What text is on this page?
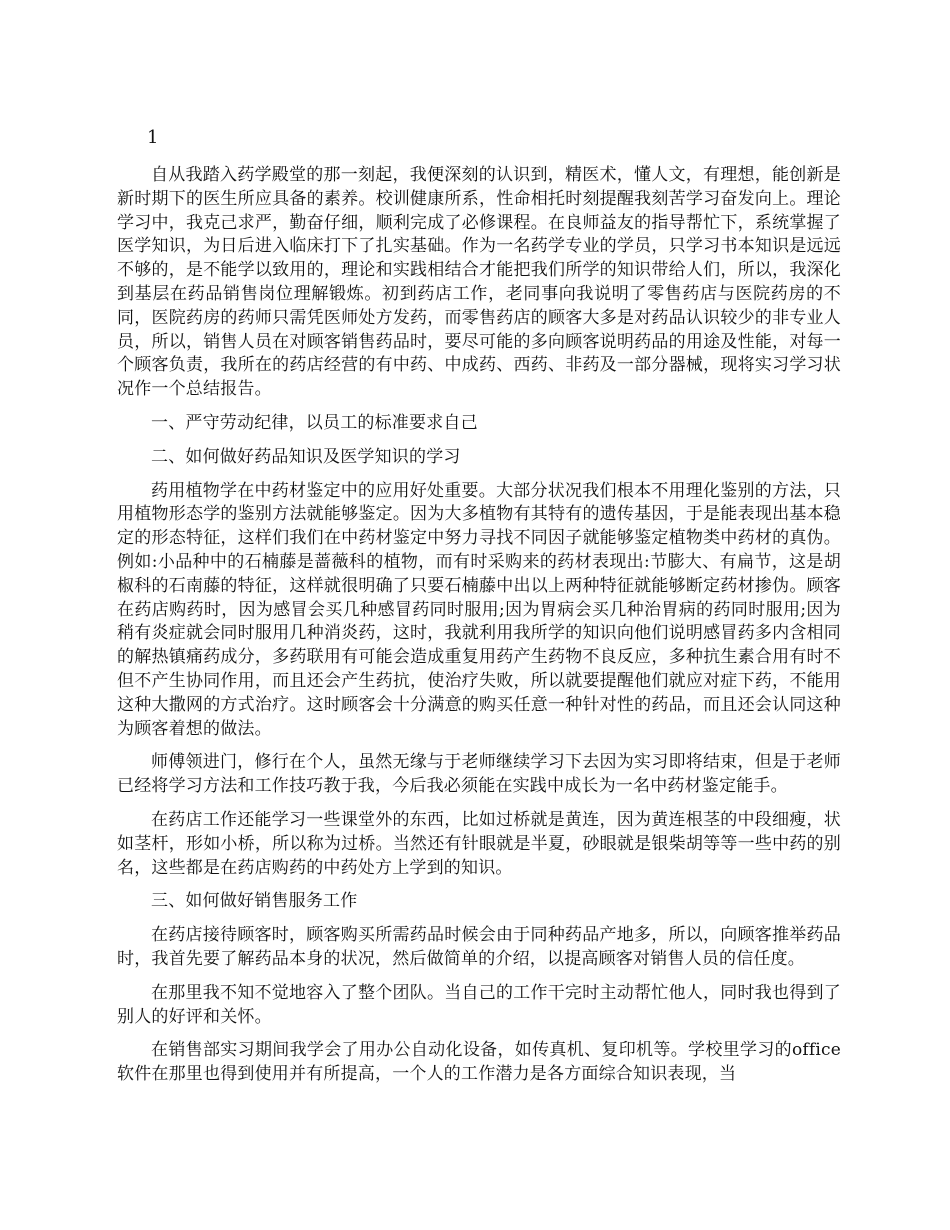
1

自从我踏入药学殿堂的那一刻起，我便深刻的认识到，精医术，懂人文，有理想，能创新是新时期下的医生所应具备的素养。校训健康所系，性命相托时刻提醒我刻苦学习奋发向上。理论学习中，我克己求严，勤奋仔细，顺利完成了必修课程。在良师益友的指导帮忙下，系统掌握了医学知识，为日后进入临床打下了扎实基础。作为一名药学专业的学员，只学习书本知识是远远不够的，是不能学以致用的，理论和实践相结合才能把我们所学的知识带给人们，所以，我深化到基层在药品销售岗位理解锻炼。初到药店工作，老同事向我说明了零售药店与医院药房的不同，医院药房的药师只需凭医师处方发药，而零售药店的顾客大多是对药品认识较少的非专业人员，所以，销售人员在对顾客销售药品时，要尽可能的多向顾客说明药品的用途及性能，对每一个顾客负责，我所在的药店经营的有中药、中成药、西药、非药及一部分器械，现将实习学习状况作一个总结报告。

一、严守劳动纪律，以员工的标准要求自己

二、如何做好药品知识及医学知识的学习

药用植物学在中药材鉴定中的应用好处重要。大部分状况我们根本不用理化鉴别的方法，只用植物形态学的鉴别方法就能够鉴定。因为大多植物有其特有的遗传基因，于是能表现出基本稳定的形态特征，这样们我们在中药材鉴定中努力寻找不同因子就能够鉴定植物类中药材的真伪。例如:小品种中的石楠藤是蔷薇科的植物，而有时采购来的药材表现出:节膨大、有扁节，这是胡椒科的石南藤的特征，这样就很明确了只要石楠藤中出以上两种特征就能够断定药材掺伪。顾客在药店购药时，因为感冒会买几种感冒药同时服用;因为胃病会买几种治胃病的药同时服用;因为稍有炎症就会同时服用几种消炎药，这时，我就利用我所学的知识向他们说明感冒药多内含相同的解热镇痛药成分，多药联用有可能会造成重复用药产生药物不良反应，多种抗生素合用有时不但不产生协同作用，而且还会产生药抗，使治疗失败，所以就要提醒他们就应对症下药，不能用这种大撒网的方式治疗。这时顾客会十分满意的购买任意一种针对性的药品，而且还会认同这种为顾客着想的做法。

师傅领进门，修行在个人，虽然无缘与于老师继续学习下去因为实习即将结束，但是于老师已经将学习方法和工作技巧教于我，今后我必须能在实践中成长为一名中药材鉴定能手。

在药店工作还能学习一些课堂外的东西，比如过桥就是黄连，因为黄连根茎的中段细瘦，状如茎杆，形如小桥，所以称为过桥。当然还有针眼就是半夏，砂眼就是银柴胡等等一些中药的别名，这些都是在药店购药的中药处方上学到的知识。

三、如何做好销售服务工作

在药店接待顾客时，顾客购买所需药品时候会由于同种药品产地多，所以，向顾客推举药品时，我首先要了解药品本身的状况，然后做简单的介绍，以提高顾客对销售人员的信任度。

在那里我不知不觉地容入了整个团队。当自己的工作干完时主动帮忙他人，同时我也得到了别人的好评和关怀。

在销售部实习期间我学会了用办公自动化设备，如传真机、复印机等。学校里学习的office 软件在那里也得到使用并有所提高，一个人的工作潜力是各方面综合知识表现，当
